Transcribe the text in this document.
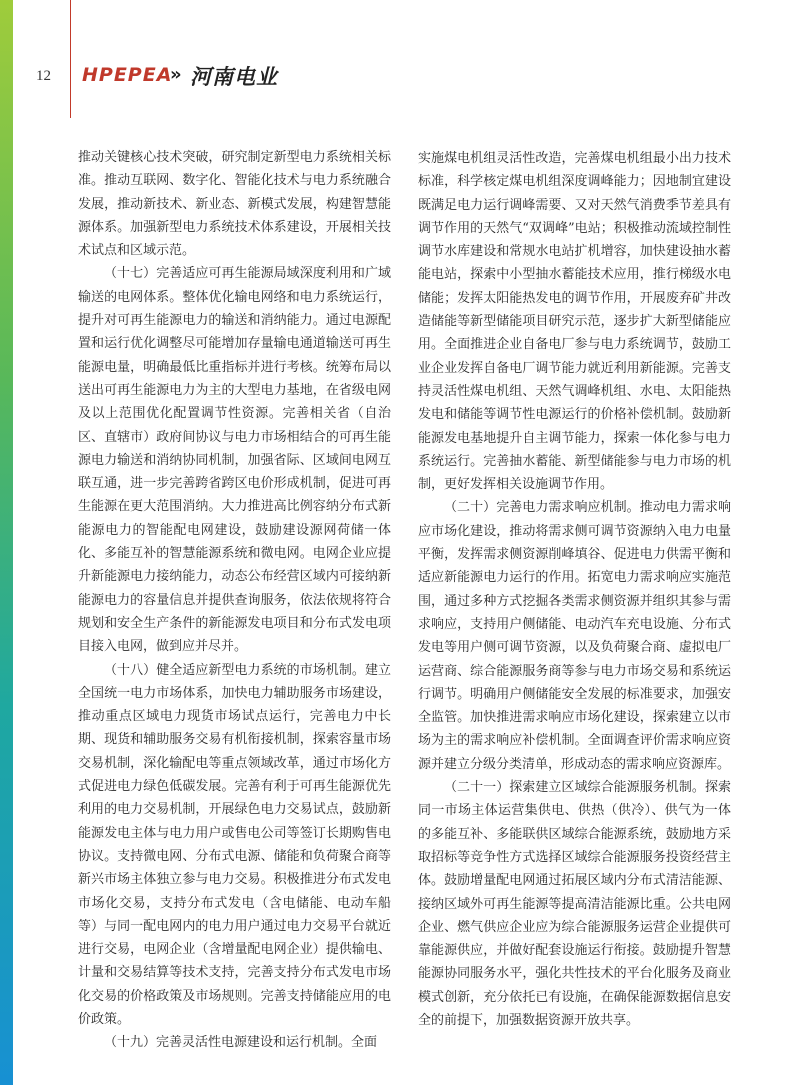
12 HPEPEA
» 河南电业

推动关键核心技术突破，研究制定新型电力系统相关标准。推动互联网、数字化、智能化技术与电力系统融合发展，推动新技术、新业态、新模式发展，构建智慧能源体系。加强新型电力系统技术体系建设，开展相关技术试点和区域示范。

（十七）完善适应可再生能源局域深度利用和广域输送的电网体系。整体优化输电网络和电力系统运行，提升对可再生能源电力的输送和消纳能力。通过电源配置和运行优化调整尽可能增加存量输电通道输送可再生能源电量，明确最低比重指标并进行考核。统筹布局以送出可再生能源电力为主的大型电力基地，在省级电网及以上范围优化配置调节性资源。完善相关省（自治区、直辖市）政府间协议与电力市场相结合的可再生能源电力输送和消纳协同机制，加强省际、区域间电网互联互通，进一步完善跨省跨区电价形成机制，促进可再生能源在更大范围消纳。大力推进高比例容纳分布式新能源电力的智能配电网建设，鼓励建设源网荷储一体化、多能互补的智慧能源系统和微电网。电网企业应提升新能源电力接纳能力，动态公布经营区域内可接纳新能源电力的容量信息并提供查询服务，依法依规将符合规划和安全生产条件的新能源发电项目和分布式发电项目接入电网，做到应并尽并。

（十八）健全适应新型电力系统的市场机制。建立全国统一电力市场体系，加快电力辅助服务市场建设，推动重点区域电力现货市场试点运行，完善电力中长期、现货和辅助服务交易有机衔接机制，探索容量市场交易机制，深化输配电等重点领域改革，通过市场化方式促进电力绿色低碳发展。完善有利于可再生能源优先利用的电力交易机制，开展绿色电力交易试点，鼓励新能源发电主体与电力用户或售电公司等签订长期购售电协议。支持微电网、分布式电源、储能和负荷聚合商等新兴市场主体独立参与电力交易。积极推进分布式发电市场化交易，支持分布式发电（含电储能、电动车船等）与同一配电网内的电力用户通过电力交易平台就近进行交易，电网企业（含增量配电网企业）提供输电、计量和交易结算等技术支持，完善支持分布式发电市场化交易的价格政策及市场规则。完善支持储能应用的电价政策。

（十九）完善灵活性电源建设和运行机制。全面

实施煤电机组灵活性改造，完善煤电机组最小出力技术标准，科学核定煤电机组深度调峰能力；因地制宜建设既满足电力运行调峰需要、又对天然气消费季节差具有调节作用的天然气“双调峰”电站；积极推动流域控制性调节水库建设和常规水电站扩机增容，加快建设抽水蓄能电站，探索中小型抽水蓄能技术应用，推行梯级水电储能；发挥太阳能热发电的调节作用，开展废弃矿井改造储能等新型储能项目研究示范，逐步扩大新型储能应用。全面推进企业自备电厂参与电力系统调节，鼓励工业企业发挥自备电厂调节能力就近利用新能源。完善支持灵活性煤电机组、天然气调峰机组、水电、太阳能热发电和储能等调节性电源运行的价格补偿机制。鼓励新能源发电基地提升自主调节能力，探索一体化参与电力系统运行。完善抽水蓄能、新型储能参与电力市场的机制，更好发挥相关设施调节作用。

（二十）完善电力需求响应机制。推动电力需求响应市场化建设，推动将需求侧可调节资源纳入电力电量平衡，发挥需求侧资源削峰填谷、促进电力供需平衡和适应新能源电力运行的作用。拓宽电力需求响应实施范围，通过多种方式挖掘各类需求侧资源并组织其参与需求响应，支持用户侧储能、电动汽车充电设施、分布式发电等用户侧可调节资源，以及负荷聚合商、虚拟电厂运营商、综合能源服务商等参与电力市场交易和系统运行调节。明确用户侧储能安全发展的标准要求，加强安全监管。加快推进需求响应市场化建设，探索建立以市场为主的需求响应补偿机制。全面调查评价需求响应资源并建立分级分类清单，形成动态的需求响应资源库。

（二十一）探索建立区域综合能源服务机制。探索同一市场主体运营集供电、供热（供冷）、供气为一体的多能互补、多能联供区域综合能源系统，鼓励地方采取招标等竞争性方式选择区域综合能源服务投资经营主体。鼓励增量配电网通过拓展区域内分布式清洁能源、接纳区域外可再生能源等提高清洁能源比重。公共电网企业、燃气供应企业应为综合能源服务运营企业提供可靠能源供应，并做好配套设施运行衔接。鼓励提升智慧能源协同服务水平，强化共性技术的平台化服务及商业模式创新，充分依托已有设施，在确保能源数据信息安全的前提下，加强数据资源开放共享。
